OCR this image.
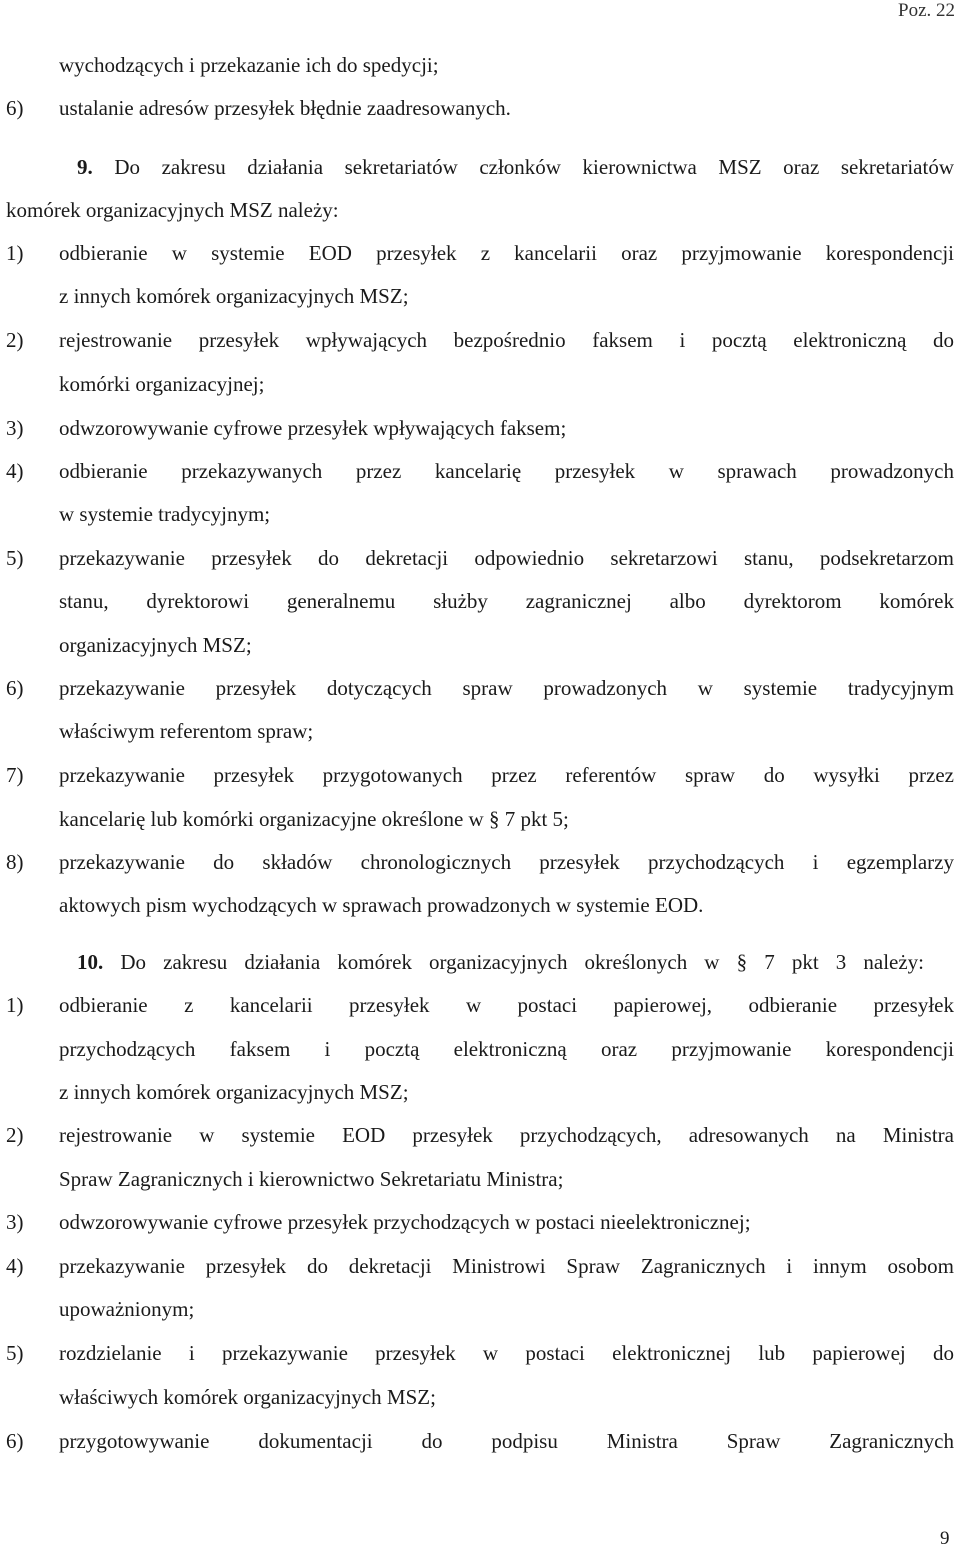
Poz. 22
wychodzących i przekazanie ich do spedycji;
6) ustalanie adresów przesyłek błędnie zaadresowanych.
9. Do zakresu działania sekretariatów członków kierownictwa MSZ oraz sekretariatów
komórek organizacyjnych MSZ należy:
1) odbieranie w systemie EOD przesyłek z kancelarii oraz przyjmowanie korespondencji
z innych komórek organizacyjnych MSZ;
2) rejestrowanie przesyłek wpływających bezpośrednio faksem i pocztą elektroniczną do
komórki organizacyjnej;
3) odwzorowywanie cyfrowe przesyłek wpływających faksem;
4) odbieranie przekazywanych przez kancelarię przesyłek w sprawach prowadzonych
w systemie tradycyjnym;
5) przekazywanie przesyłek do dekretacji odpowiednio sekretarzowi stanu, podsekretarzom
stanu, dyrektorowi generalnemu służby zagranicznej albo dyrektorom komórek
organizacyjnych MSZ;
6) przekazywanie przesyłek dotyczących spraw prowadzonych w systemie tradycyjnym
właściwym referentom spraw;
7) przekazywanie przesyłek przygotowanych przez referentów spraw do wysyłki przez
kancelarię lub komórki organizacyjne określone w § 7 pkt 5;
8) przekazywanie do składów chronologicznych przesyłek przychodzących i egzemplarzy
aktowych pism wychodzących w sprawach prowadzonych w systemie EOD.
10. Do zakresu działania komórek organizacyjnych określonych w § 7 pkt 3 należy:
1) odbieranie z kancelarii przesyłek w postaci papierowej, odbieranie przesyłek
przychodzących faksem i pocztą elektroniczną oraz przyjmowanie korespondencji
z innych komórek organizacyjnych MSZ;
2) rejestrowanie w systemie EOD przesyłek przychodzących, adresowanych na Ministra
Spraw Zagranicznych i kierownictwo Sekretariatu Ministra;
3) odwzorowywanie cyfrowe przesyłek przychodzących w postaci nieelektronicznej;
4) przekazywanie przesyłek do dekretacji Ministrowi Spraw Zagranicznych i innym osobom
upoważnionym;
5) rozdzielanie i przekazywanie przesyłek w postaci elektronicznej lub papierowej do
właściwych komórek organizacyjnych MSZ;
6) przygotowywanie dokumentacji do podpisu Ministra Spraw Zagranicznych
9
